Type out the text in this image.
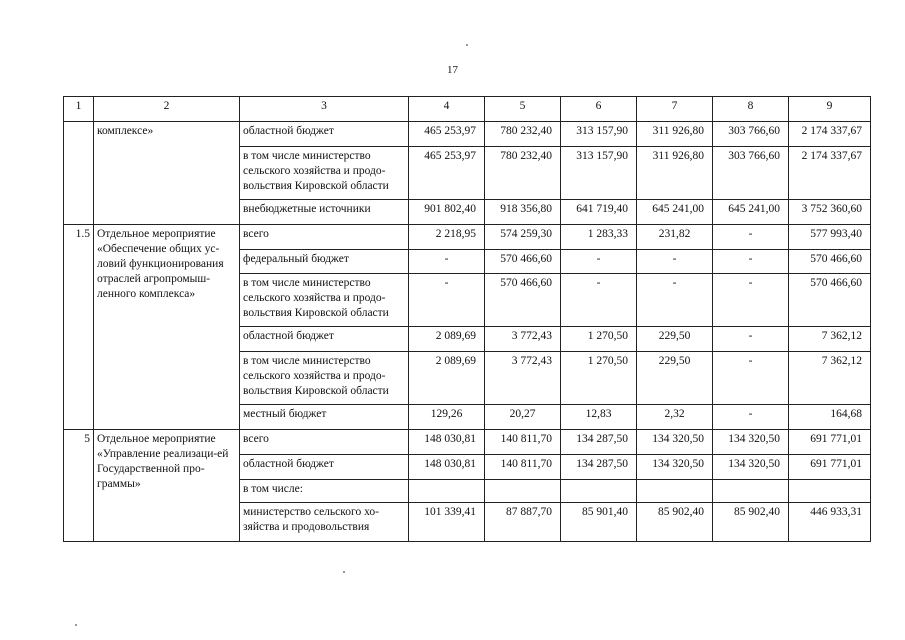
17
1	2	3	4	5	6	7	8	9
	комплексе»	областной бюджет	465 253,97	780 232,40	313 157,90	311 926,80	303 766,60	2 174 337,67
		в том числе министерство сельского хозяйства и продо-вольствия Кировской области	465 253,97	780 232,40	313 157,90	311 926,80	303 766,60	2 174 337,67
		внебюджетные источники	901 802,40	918 356,80	641 719,40	645 241,00	645 241,00	3 752 360,60
1.5	Отдельное мероприятие «Обеспечение общих ус-ловий функционирования отраслей агропромыш-ленного комплекса»	всего	2 218,95	574 259,30	1 283,33	231,82	-	577 993,40
		федеральный бюджет	-	570 466,60	-	-	-	570 466,60
		в том числе министерство сельского хозяйства и продо-вольствия Кировской области	-	570 466,60	-	-	-	570 466,60
		областной бюджет	2 089,69	3 772,43	1 270,50	229,50	-	7 362,12
		в том числе министерство сельского хозяйства и продо-вольствия Кировской области	2 089,69	3 772,43	1 270,50	229,50	-	7 362,12
		местный бюджет	129,26	20,27	12,83	2,32	-	164,68
5	Отдельное мероприятие «Управление реализаци-ей Государственной про-граммы»	всего	148 030,81	140 811,70	134 287,50	134 320,50	134 320,50	691 771,01
		областной бюджет	148 030,81	140 811,70	134 287,50	134 320,50	134 320,50	691 771,01
		в том числе:						
		министерство сельского хо-зяйства и продовольствия	101 339,41	87 887,70	85 901,40	85 902,40	85 902,40	446 933,31
